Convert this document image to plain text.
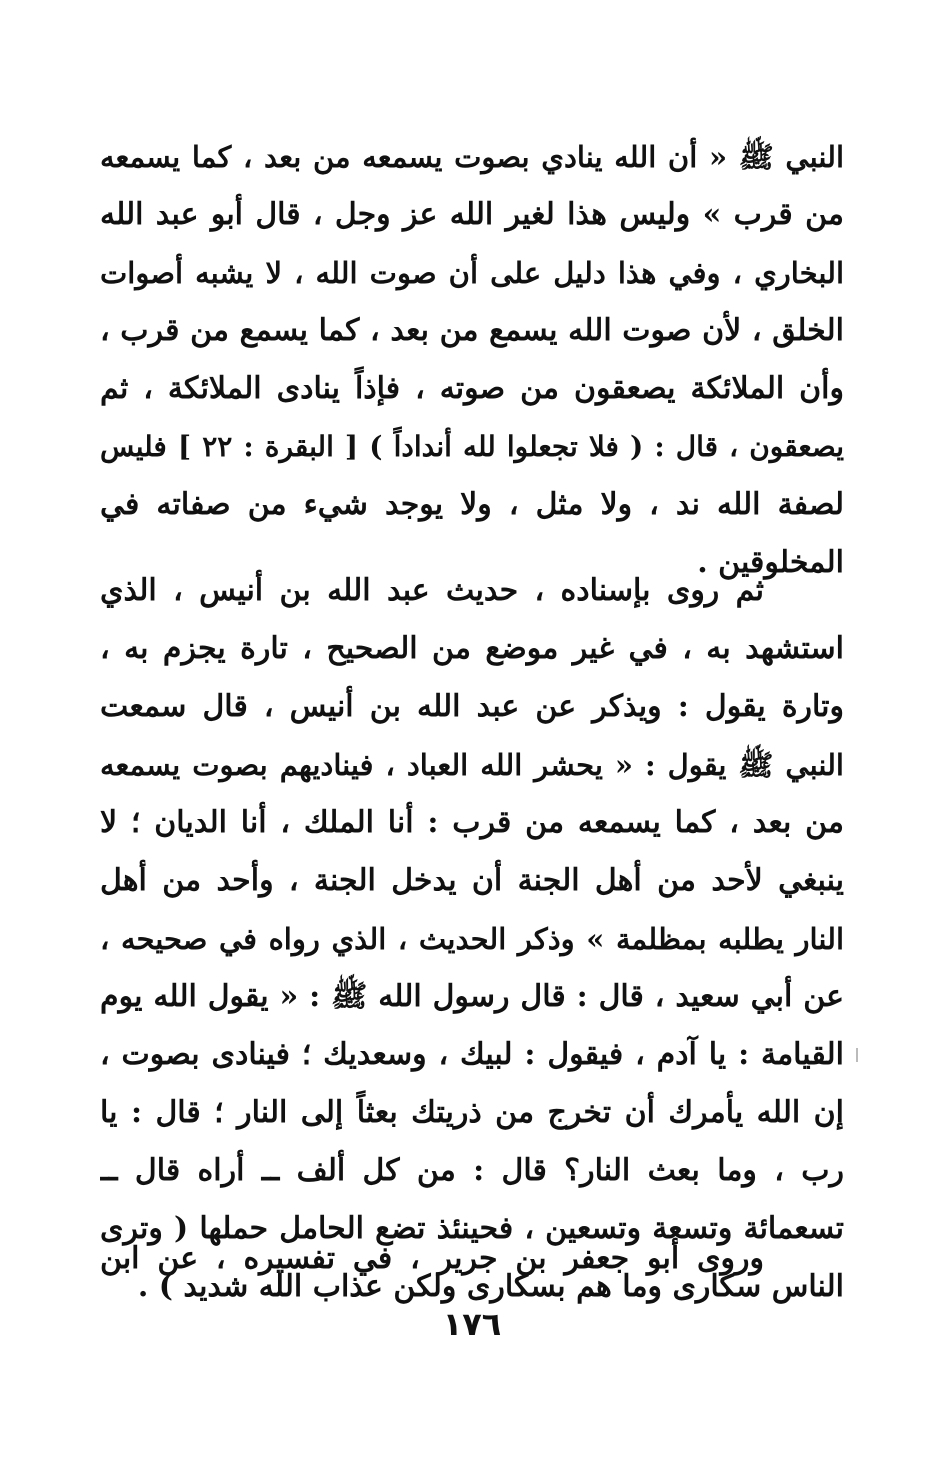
النبي ﷺ « أن الله ينادي بصوت يسمعه من بعد ، كما يسمعه
من قرب » وليس هذا لغير الله عز وجل ، قال أبو عبد الله
البخاري ، وفي هذا دليل على أن صوت الله ، لا يشبه أصوات
الخلق ، لأن صوت الله يسمع من بعد ، كما يسمع من قرب ،
وأن الملائكة يصعقون من صوته ، فإذاً ينادى الملائكة ، ثم
يصعقون ، قال : ( فلا تجعلوا لله أنداداً ) [ البقرة : ٢٢ ] فليس
لصفة الله ند ، ولا مثل ، ولا يوجد شيء من صفاته في
المخلوقين .
ثم روى بإسناده ، حديث عبد الله بن أنيس ، الذي
استشهد به ، في غير موضع من الصحيح ، تارة يجزم به ،
وتارة يقول : ويذكر عن عبد الله بن أنيس ، قال سمعت
النبي ﷺ يقول : « يحشر الله العباد ، فيناديهم بصوت يسمعه
من بعد ، كما يسمعه من قرب : أنا الملك ، أنا الديان ؛ لا
ينبغي لأحد من أهل الجنة أن يدخل الجنة ، وأحد من أهل
النار يطلبه بمظلمة » وذكر الحديث ، الذي رواه في صحيحه ،
عن أبي سعيد ، قال : قال رسول الله ﷺ : « يقول الله يوم
القيامة : يا آدم ، فيقول : لبيك ، وسعديك ؛ فينادى بصوت ،
إن الله يأمرك أن تخرج من ذريتك بعثاً إلى النار ؛ قال : يا
رب ، وما بعث النار؟ قال : من كل ألف ــ أراه قال ــ
تسعمائة وتسعة وتسعين ، فحينئذ تضع الحامل حملها ( وترى
الناس سكارى وما هم بسكارى ولكن عذاب الله شديد ) .
وروى أبو جعفر بن جرير ، في تفسيره ، عن ابن
١٧٦
